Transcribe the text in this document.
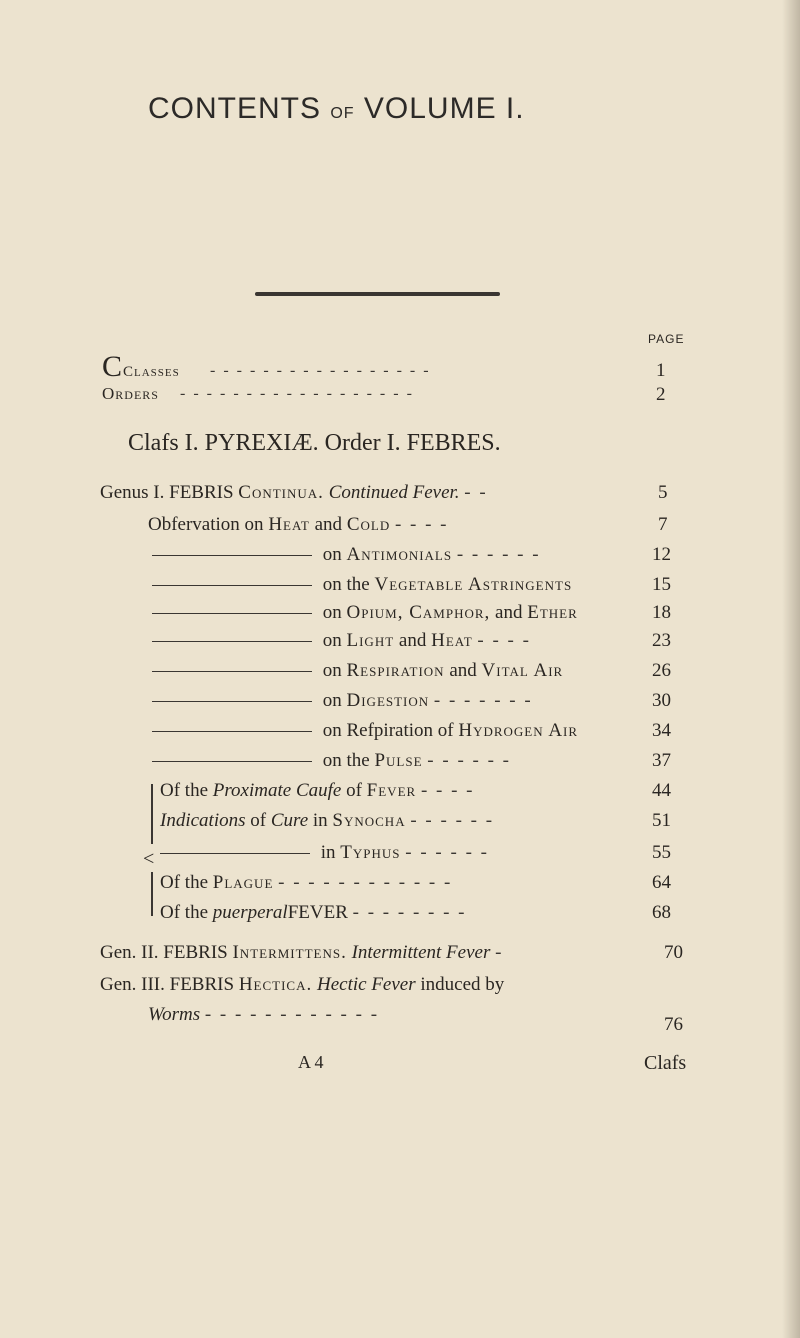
CONTENTS OF VOLUME I.
PAGE
CClasses - - - - - - - - - - - - - - - - -	1
Orders - - - - - - - - - - - - - - - - - -	2
Clafs I. PYREXIÆ. Order I. FEBRES.
Genus I. FEBRIS Continua. Continued Fever. - -	5
Obfervation on Heat and Cold - - - -	7
on Antimonials - - - - - -	12
on the Vegetable Astringents	15
on Opium, Camphor, and Ether	18
on Light and Heat - - - -	23
on Respiration and Vital Air	26
on Digestion - - - - - - -	30
on Refpiration of Hydrogen Air	34
on the Pulse - - - - - -	37
<
Of the Proximate Caufe of Fever - - - -	44
Indications of Cure in Synocha - - - - - -	51
in Typhus - - - - - -	55
Of the Plague - - - - - - - - - - - -	64
Of the puerperalFEVER - - - - - - - -	68
Gen. II. FEBRIS Intermittens. Intermittent Fever -	70
Gen. III. FEBRIS Hectica. Hectic Fever induced by
Worms - - - - - - - - - - - -	76
A 4	Clafs
